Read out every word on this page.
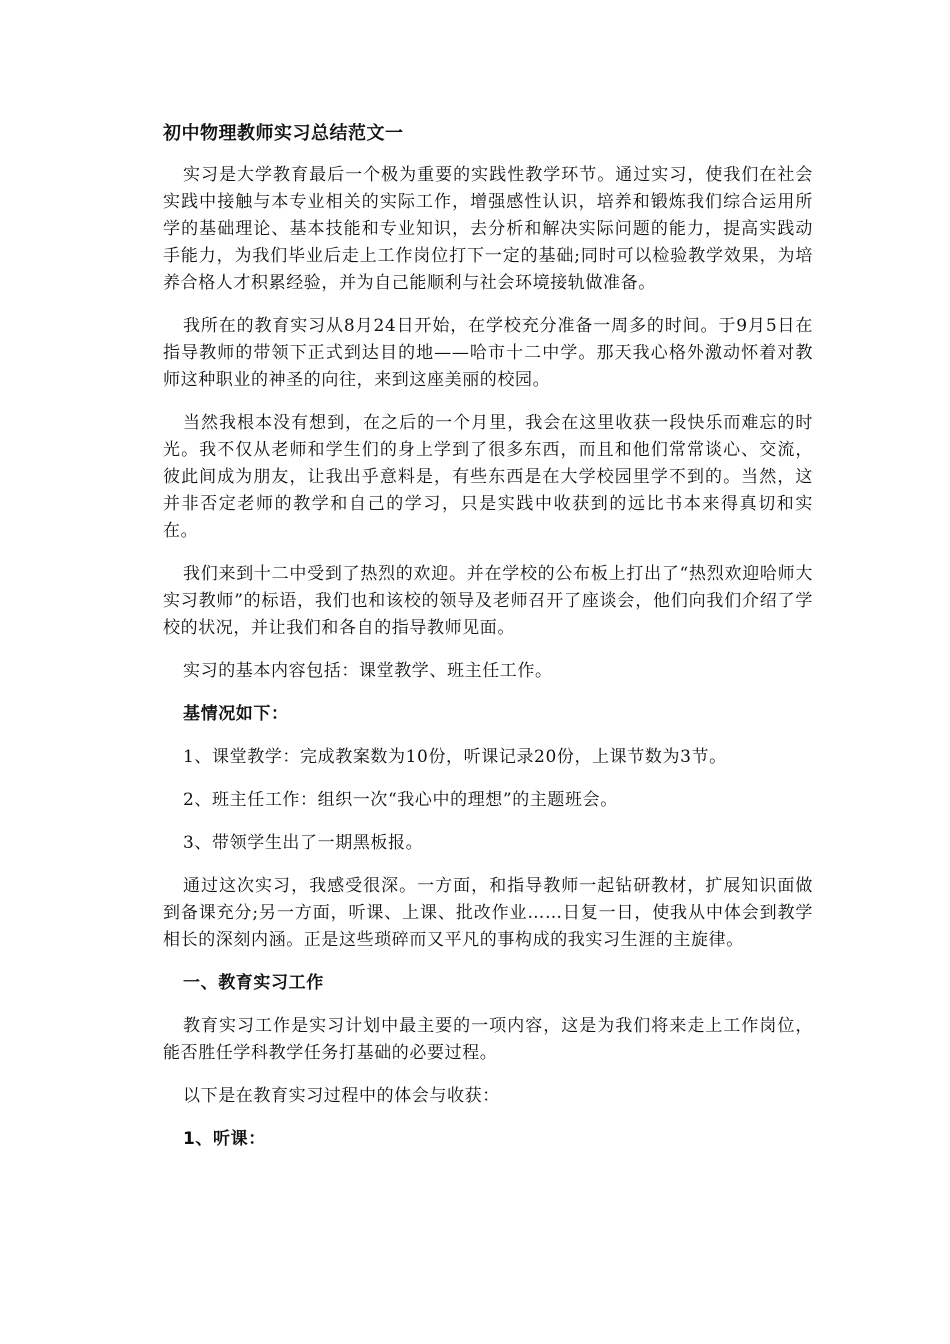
初中物理教师实习总结范文一

实习是大学教育最后一个极为重要的实践性教学环节。通过实习，使我们在社会实践中接触与本专业相关的实际工作，增强感性认识，培养和锻炼我们综合运用所学的基础理论、基本技能和专业知识，去分析和解决实际问题的能力，提高实践动手能力，为我们毕业后走上工作岗位打下一定的基础;同时可以检验教学效果，为培养合格人才积累经验，并为自己能顺利与社会环境接轨做准备。

我所在的教育实习从8月24日开始，在学校充分准备一周多的时间。于9月5日在指导教师的带领下正式到达目的地——哈市十二中学。那天我心格外激动怀着对教师这种职业的神圣的向往，来到这座美丽的校园。

当然我根本没有想到，在之后的一个月里，我会在这里收获一段快乐而难忘的时光。我不仅从老师和学生们的身上学到了很多东西，而且和他们常常谈心、交流，彼此间成为朋友，让我出乎意料是，有些东西是在大学校园里学不到的。当然，这并非否定老师的教学和自己的学习，只是实践中收获到的远比书本来得真切和实在。

我们来到十二中受到了热烈的欢迎。并在学校的公布板上打出了“热烈欢迎哈师大实习教师”的标语，我们也和该校的领导及老师召开了座谈会，他们向我们介绍了学校的状况，并让我们和各自的指导教师见面。

实习的基本内容包括：课堂教学、班主任工作。

基情况如下：

1、课堂教学：完成教案数为10份，听课记录20份，上课节数为3节。

2、班主任工作：组织一次“我心中的理想”的主题班会。

3、带领学生出了一期黑板报。

通过这次实习，我感受很深。一方面，和指导教师一起钻研教材，扩展知识面做到备课充分;另一方面，听课、上课、批改作业……日复一日，使我从中体会到教学相长的深刻内涵。正是这些琐碎而又平凡的事构成的我实习生涯的主旋律。

一、教育实习工作

教育实习工作是实习计划中最主要的一项内容，这是为我们将来走上工作岗位，能否胜任学科教学任务打基础的必要过程。

以下是在教育实习过程中的体会与收获：

1、听课：
